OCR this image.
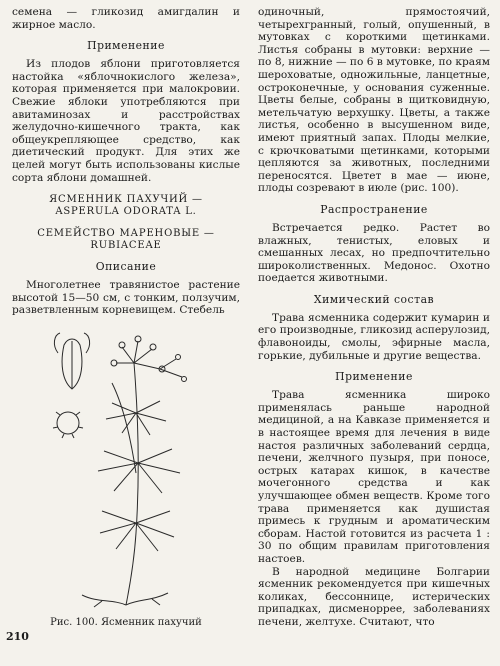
семена — гликозид амигдалин и жирное масло.

Применение

Из плодов яблони приготовляется настойка «яблочнокислого железа», которая применяется при малокровии. Свежие яблоки употребляются при авитаминозах и расстройствах желудочно-кишечного тракта, как общеукрепляющее средство, как диетический продукт. Для этих же целей могут быть использованы кислые сорта яблони домашней.

ЯСМЕННИК ПАХУЧИЙ —
ASPERULA ODORATA L.
СЕМЕЙСТВО МАРЕНОВЫЕ —
RUBIACEAE
Описание

Многолетнее травянистое растение высотой 15—50 см, с тонким, ползучим, разветвленным корневищем. Стебель

Рис. 100. Ясменник пахучий

одиночный, прямостоячий, четырехгранный, голый, опушенный, в мутовках с короткими щетинками. Листья собраны в мутовки: верхние — по 8, нижние — по 6 в мутовке, по краям шероховатые, одножильные, ланцетные, остроконечные, у основания суженные. Цветы белые, собраны в щитковидную, метельчатую верхушку. Цветы, а также листья, особенно в высушенном виде, имеют приятный запах. Плоды мелкие, с крючковатыми щетинками, которыми цепляются за животных, последними переносятся. Цветет в мае — июне, плоды созревают в июле (рис. 100).

Распространение

Встречается редко. Растет во влажных, тенистых, еловых и смешанных лесах, но предпочтительно широколиственных. Медонос. Охотно поедается животными.

Химический состав

Трава ясменника содержит кумарин и его производные, гликозид асперулозид, флавоноиды, смолы, эфирные масла, горькие, дубильные и другие вещества.

Применение

Трава ясменника широко применялась раньше народной медициной, а на Кавказе применяется и в настоящее время для лечения в виде настоя различных заболеваний сердца, печени, желчного пузыря, при поносе, острых катарах кишок, в качестве мочегонного средства и как улучшающее обмен веществ. Кроме того трава применяется как душистая примесь к грудным и ароматическим сборам. Настой готовится из расчета 1 : 30 по общим правилам приготовления настоев.

В народной медицине Болгарии ясменник рекомендуется при кишечных коликах, бессоннице, истерических припадках, дисменоррее, заболеваниях печени, желтухе. Считают, что

210
